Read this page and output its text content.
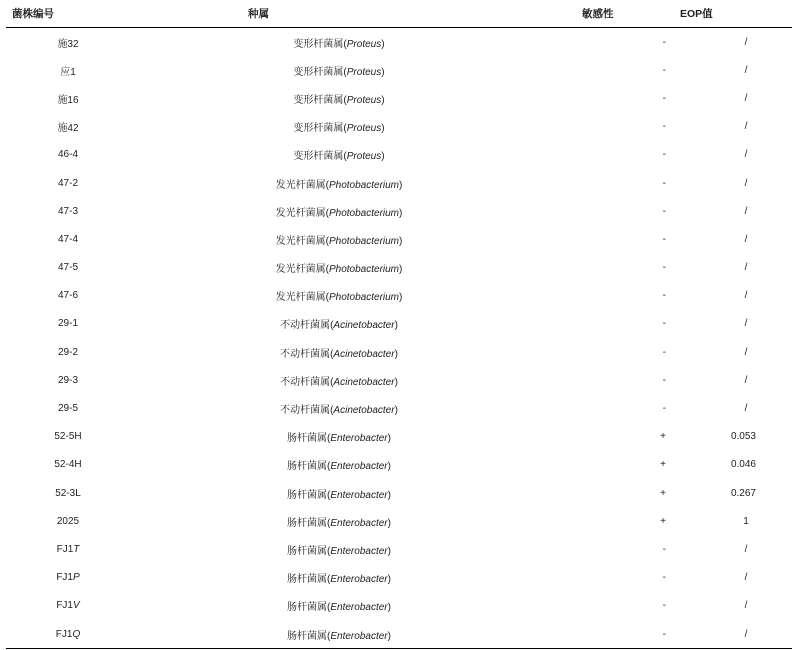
菌株编号	种属	敏感性	EOP值
施32	变形杆菌属(Proteus)	-	/
应1	变形杆菌属(Proteus)	-	/
施16	变形杆菌属(Proteus)	-	/
施42	变形杆菌属(Proteus)	-	/
46-4	变形杆菌属(Proteus)	-	/
47-2	发光杆菌属(Photobacterium)	-	/
47-3	发光杆菌属(Photobacterium)	-	/
47-4	发光杆菌属(Photobacterium)	-	/
47-5	发光杆菌属(Photobacterium)	-	/
47-6	发光杆菌属(Photobacterium)	-	/
29-1	不动杆菌属(Acinetobacter)	-	/
29-2	不动杆菌属(Acinetobacter)	-	/
29-3	不动杆菌属(Acinetobacter)	-	/
29-5	不动杆菌属(Acinetobacter)	-	/
52-5H	肠杆菌属(Enterobacter)	+	0.053
52-4H	肠杆菌属(Enterobacter)	+	0.046
52-3L	肠杆菌属(Enterobacter)	+	0.267
2025	肠杆菌属(Enterobacter)	+	1
FJ1T	肠杆菌属(Enterobacter)	-	/
FJ1P	肠杆菌属(Enterobacter)	-	/
FJ1V	肠杆菌属(Enterobacter)	-	/
FJ1Q	肠杆菌属(Enterobacter)	-	/
